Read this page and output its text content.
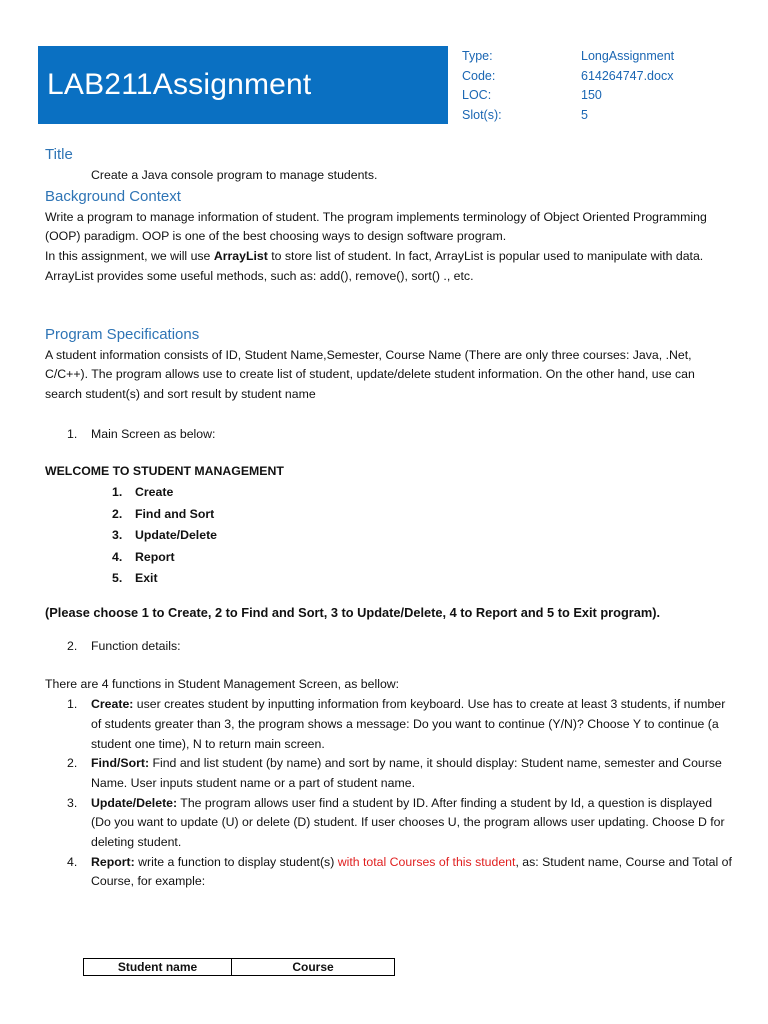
LAB211Assignment
Type:	LongAssignment
Code:	614264747.docx
LOC:	150
Slot(s):	5
Title

Create a Java console program to manage students.

Background Context

Write a program to manage information of student. The program implements terminology of Object Oriented Programming (OOP) paradigm. OOP is one of the best choosing ways to design software program.

In this assignment, we will use ArrayList to store list of student. In fact, ArrayList is popular used to manipulate with data. ArrayList provides some useful methods, such as: add(), remove(), sort() ., etc.

Program Specifications

A student information consists of ID, Student Name,Semester, Course Name (There are only three courses: Java, .Net, C/C++). The program allows use to create list of student, update/delete student information. On the other hand, use can search student(s) and sort result by student name

1. Main Screen as below:

WELCOME TO STUDENT MANAGEMENT

1. Create
2. Find and Sort
3. Update/Delete
4. Report
5. Exit

(Please choose 1 to Create, 2 to Find and Sort, 3 to Update/Delete, 4 to Report and 5 to Exit program).

2. Function details:

There are 4 functions in Student Management Screen, as bellow:

1. Create: user creates student by inputting information from keyboard. Use has to create at least 3 students, if number of students greater than 3, the program shows a message: Do you want to continue (Y/N)? Choose Y to continue (a student one time), N to return main screen.
2. Find/Sort: Find and list student (by name) and sort by name, it should display: Student name, semester and Course Name. User inputs student name or a part of student name.
3. Update/Delete: The program allows user find a student by ID. After finding a student by Id, a question is displayed (Do you want to update (U) or delete (D) student. If user chooses U, the program allows user updating. Choose D for deleting student.
4. Report: write a function to display student(s) with total Courses of this student, as: Student name, Course and Total of Course, for example:
Student name	Course
